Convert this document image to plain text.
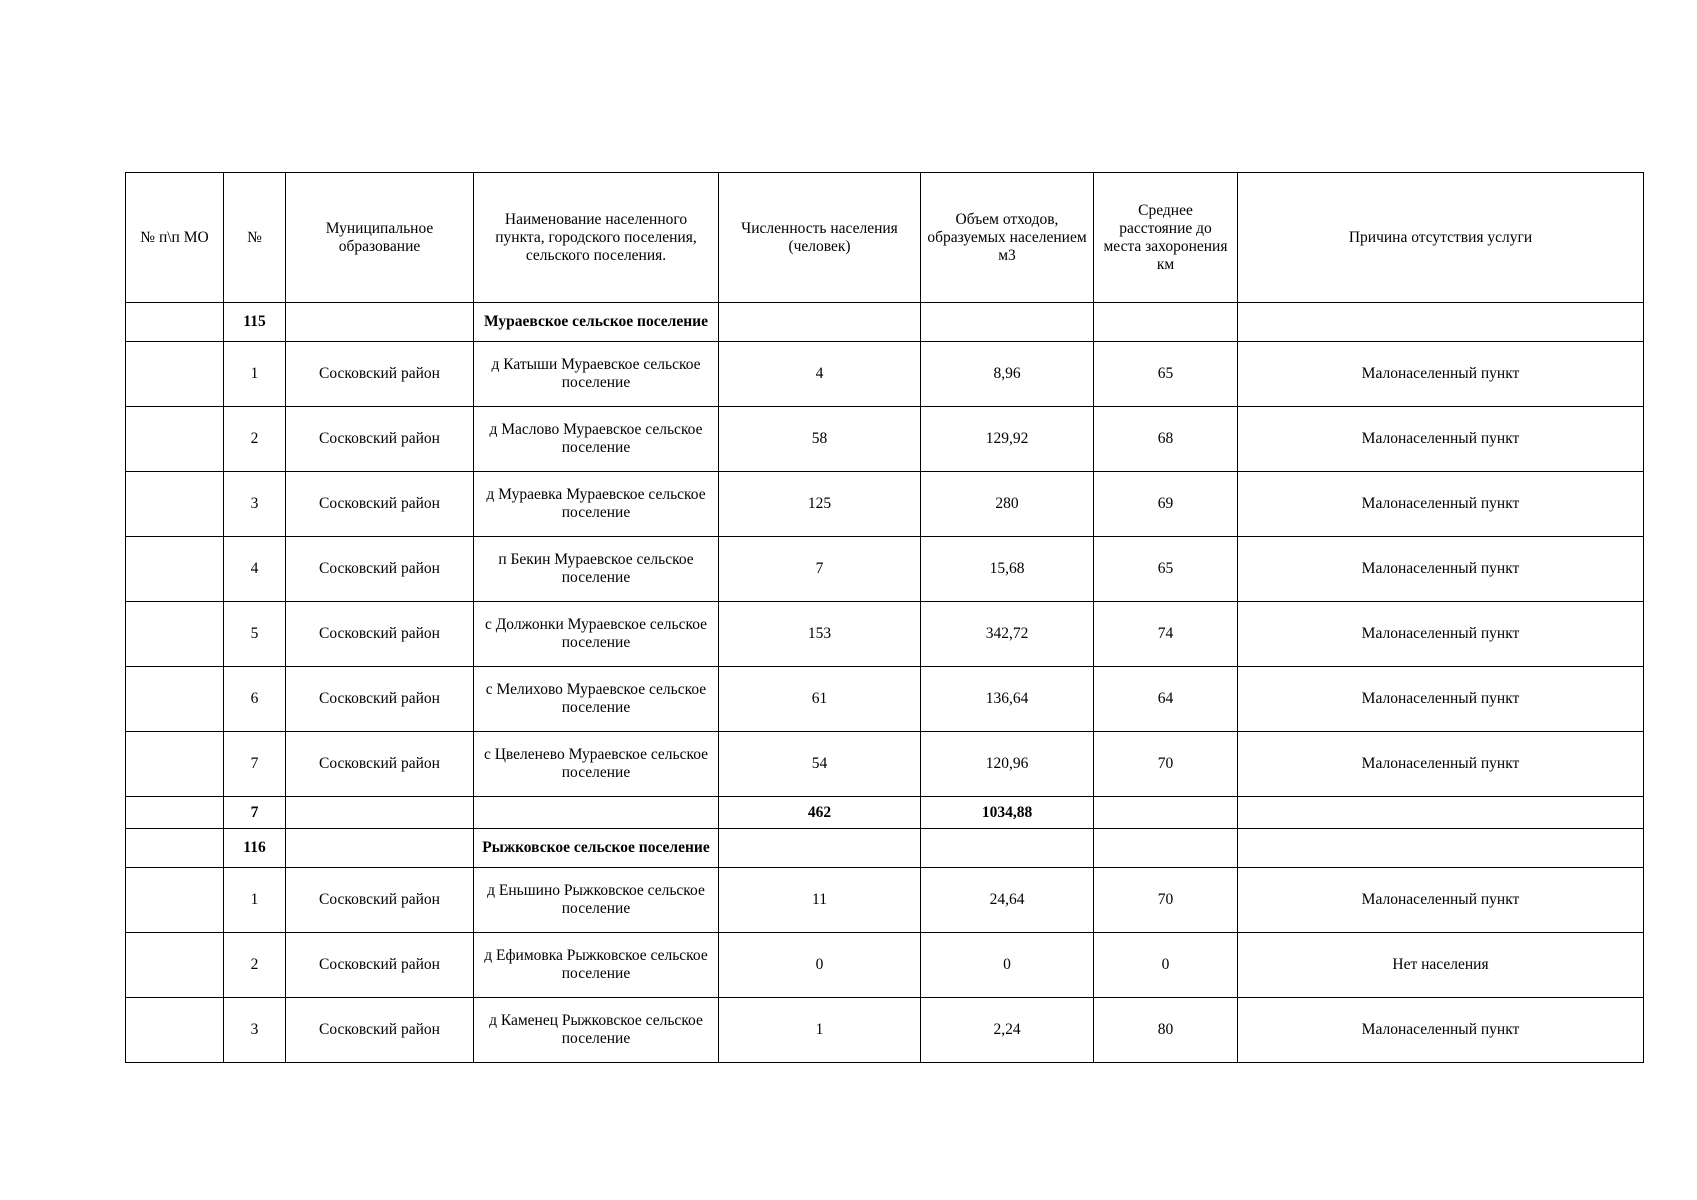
№ п\п МО	№	Муниципальное образование	Наименование населенного пункта, городского поселения, сельского поселения.	Численность населения (человек)	Объем отходов, образуемых населением м3	Среднее расстояние до места захоронения км	Причина отсутствия услуги
	115		Мураевское сельское поселение				
	1	Сосковский район	д Катыши Мураевское сельское поселение	4	8,96	65	Малонаселенный пункт
	2	Сосковский район	д Маслово Мураевское сельское поселение	58	129,92	68	Малонаселенный пункт
	3	Сосковский район	д Мураевка Мураевское сельское поселение	125	280	69	Малонаселенный пункт
	4	Сосковский район	п Бекин Мураевское сельское поселение	7	15,68	65	Малонаселенный пункт
	5	Сосковский район	с Должонки Мураевское сельское поселение	153	342,72	74	Малонаселенный пункт
	6	Сосковский район	с Мелихово Мураевское сельское поселение	61	136,64	64	Малонаселенный пункт
	7	Сосковский район	с Цвеленево Мураевское сельское поселение	54	120,96	70	Малонаселенный пункт
	7			462	1034,88		
	116		Рыжковское сельское поселение				
	1	Сосковский район	д Еньшино Рыжковское сельское поселение	11	24,64	70	Малонаселенный пункт
	2	Сосковский район	д Ефимовка Рыжковское сельское поселение	0	0	0	Нет населения
	3	Сосковский район	д Каменец Рыжковское сельское поселение	1	2,24	80	Малонаселенный пункт
